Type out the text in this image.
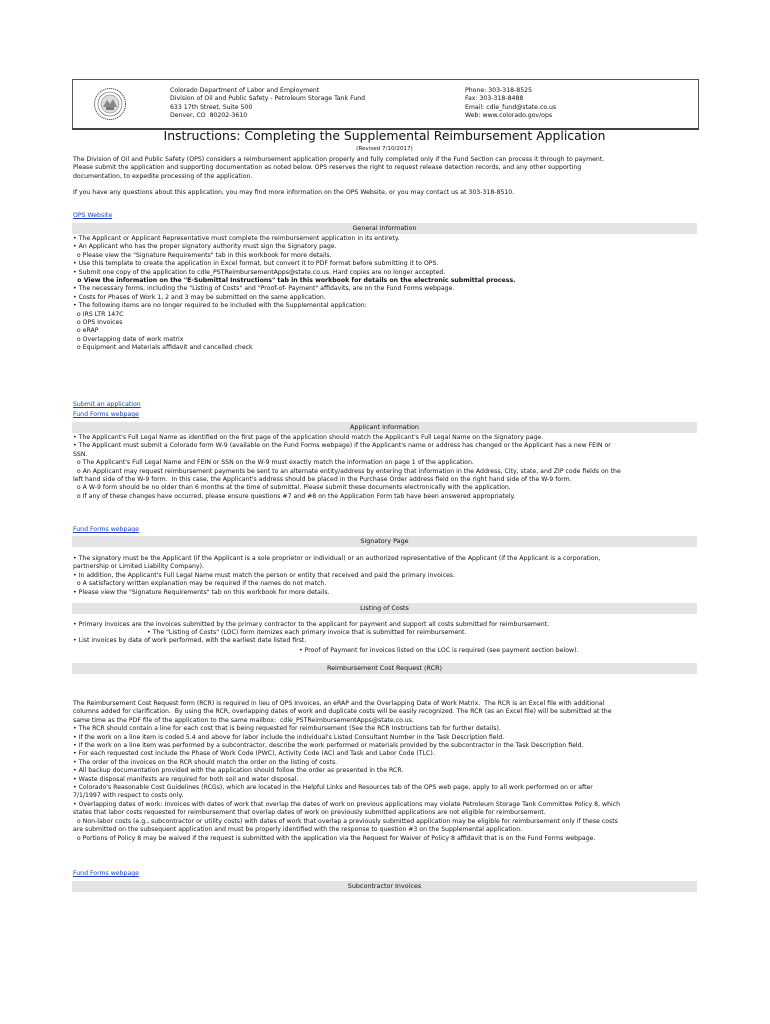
Colorado Department of Labor and Employment
Division of Oil and Public Safety - Petroleum Storage Tank Fund
633 17th Street, Suite 500
Denver, CO  80202-3610
Phone: 303-318-8525
Fax: 303-318-8488
Email: cdle_fund@state.co.us
Web: www.colorado.gov/ops
Instructions: Completing the Supplemental Reimbursement Application
(Revised 7/10/2017)
The Division of Oil and Public Safety (OPS) considers a reimbursement application properly and fully completed only if the Fund Section can process it through to payment.
Please submit the application and supporting documentation as noted below. OPS reserves the right to request release detection records, and any other supporting
documentation, to expedite processing of the application.
If you have any questions about this application, you may find more information on the OPS Website, or you may contact us at 303-318-8510.
OPS Website
General information
• The Applicant or Applicant Representative must complete the reimbursement application in its entirety.
• An Applicant who has the proper signatory authority must sign the Signatory page.
o Please view the "Signature Requirements" tab in this workbook for more details.
• Use this template to create the application in Excel format, but convert it to PDF format before submitting it to OPS.
• Submit one copy of the application to cdle_PSTReimbursementApps@state.co.us. Hard copies are no longer accepted.
o View the information on the "E-Submittal Instructions" tab in this workbook for details on the electronic submittal process.
• The necessary forms, including the "Listing of Costs" and "Proof-of- Payment" affidavits, are on the Fund Forms webpage.
• Costs for Phases of Work 1, 2 and 3 may be submitted on the same application.
• The following items are no longer required to be included with the Supplemental application:
o IRS LTR 147C
o OPS Invoices
o eRAP
o Overlapping date of work matrix
o Equipment and Materials affidavit and cancelled check
Submit an application
Fund Forms webpage
Applicant information
• The Applicant's Full Legal Name as identified on the first page of the application should match the Applicant's Full Legal Name on the Signatory page.
• The Applicant must submit a Colorado form W-9 (available on the Fund Forms webpage) if the Applicant's name or address has changed or the Applicant has a new FEIN or
SSN.
o The Applicant's Full Legal Name and FEIN or SSN on the W-9 must exactly match the information on page 1 of the application.
o An Applicant may request reimbursement payments be sent to an alternate entity/address by entering that information in the Address, City, state, and ZIP code fields on the
left hand side of the W-9 form.  In this case, the Applicant's address should be placed in the Purchase Order address field on the right hand side of the W-9 form.
o A W-9 form should be no older than 6 months at the time of submittal. Please submit these documents electronically with the application.
o If any of these changes have occurred, please ensure questions #7 and #8 on the Application Form tab have been answered appropriately.
Fund Forms webpage
Signatory Page
• The signatory must be the Applicant (if the Applicant is a sole proprietor or individual) or an authorized representative of the Applicant (if the Applicant is a corporation,
partnership or Limited Liability Company).
• In addition, the Applicant's Full Legal Name must match the person or entity that received and paid the primary invoices.
o A satisfactory written explanation may be required if the names do not match.
• Please view the "Signature Requirements" tab on this workbook for more details.
Listing of Costs
• Primary invoices are the invoices submitted by the primary contractor to the applicant for payment and support all costs submitted for reimbursement.
• The "Listing of Costs" (LOC) form itemizes each primary invoice that is submitted for reimbursement.
• List invoices by date of work performed, with the earliest date listed first.
• Proof of Payment for invoices listed on the LOC is required (see payment section below).
Reimbursement Cost Request (RCR)
The Reimbursement Cost Request form (RCR) is required in lieu of OPS Invoices, an eRAP and the Overlapping Date of Work Matrix.  The RCR is an Excel file with additional
columns added for clarification.  By using the RCR, overlapping dates of work and duplicate costs will be easily recognized. The RCR (as an Excel file) will be submitted at the
same time as the PDF file of the application to the same mailbox:  cdle_PSTReimbursementApps@state.co.us.
• The RCR should contain a line for each cost that is being requested for reimbursement (See the RCR Instructions tab for further details).
• If the work on a line item is coded 5.4 and above for labor include the individual's Listed Consultant Number in the Task Description field.
• If the work on a line item was performed by a subcontractor, describe the work performed or materials provided by the subcontractor in the Task Description field.
• For each requested cost include the Phase of Work Code (PWC), Activity Code (AC) and Task and Labor Code (TLC).
• The order of the invoices on the RCR should match the order on the listing of costs.
• All backup documentation provided with the application should follow the order as presented in the RCR.
• Waste disposal manifests are required for both soil and water disposal.
• Colorado's Reasonable Cost Guidelines (RCGs), which are located in the Helpful Links and Resources tab of the OPS web page, apply to all work performed on or after
7/1/1997 with respect to costs only.
• Overlapping dates of work: Invoices with dates of work that overlap the dates of work on previous applications may violate Petroleum Storage Tank Committee Policy 8, which
states that labor costs requested for reimbursement that overlap dates of work on previously submitted applications are not eligible for reimbursement.
o Non-labor costs (e.g., subcontractor or utility costs) with dates of work that overlap a previously submitted application may be eligible for reimbursement only if these costs
are submitted on the subsequent application and must be properly identified with the response to question #3 on the Supplemental application.
o Portions of Policy 8 may be waived if the request is submitted with the application via the Request for Waiver of Policy 8 affidavit that is on the Fund Forms webpage.
Fund Forms webpage
Subcontractor Invoices
